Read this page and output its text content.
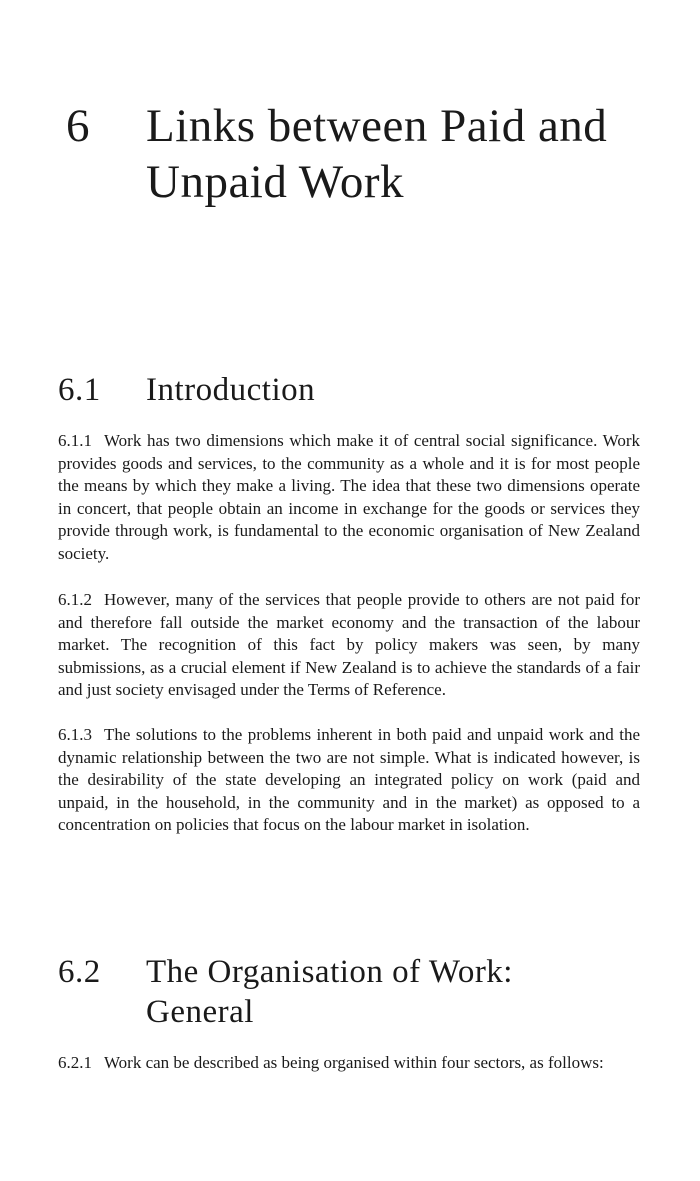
6 Links between Paid and
Unpaid Work
6.1 Introduction

6.1.1 Work has two dimensions which make it of central social significance. Work provides goods and services, to the community as a whole and it is for most people the means by which they make a living. The idea that these two dimensions operate in concert, that people obtain an income in exchange for the goods or services they provide through work, is fundamental to the economic organisation of New Zealand society.

6.1.2 However, many of the services that people provide to others are not paid for and therefore fall outside the market economy and the transaction of the labour market. The recognition of this fact by policy makers was seen, by many submissions, as a crucial element if New Zealand is to achieve the standards of a fair and just society envisaged under the Terms of Reference.

6.1.3 The solutions to the problems inherent in both paid and unpaid work and the dynamic relationship between the two are not simple. What is indicated however, is the desirability of the state developing an integrated policy on work (paid and unpaid, in the household, in the community and in the market) as opposed to a concentration on policies that focus on the labour market in isolation.

6.2 The Organisation of Work:
General

6.2.1 Work can be described as being organised within four sectors, as follows:
